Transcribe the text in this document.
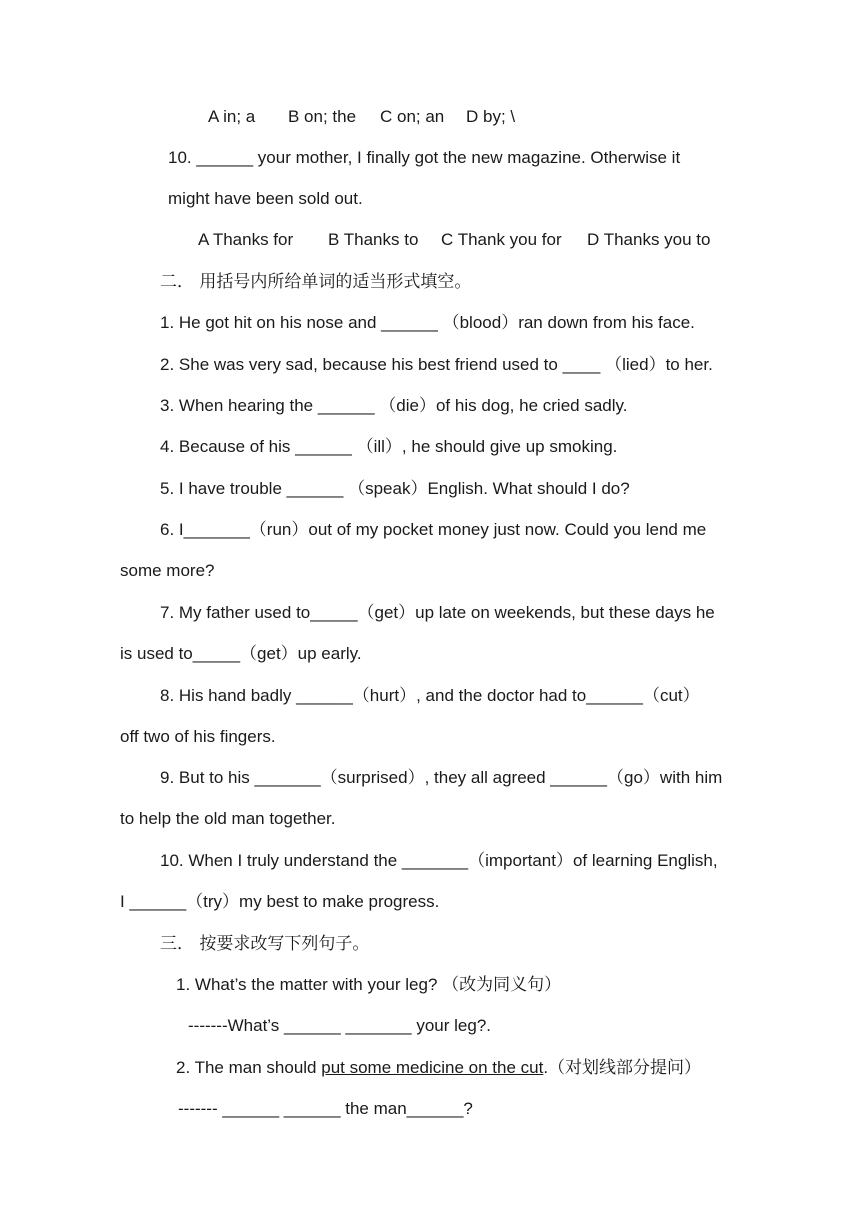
A in; a B on; the C on; an D by; \
10. ______ your mother, I finally got the new magazine. Otherwise it
might have been sold out.
A Thanks for B Thanks to C Thank you for D Thanks you to
二． 用括号内所给单词的适当形式填空。
1. He got hit on his nose and ______ （blood）ran down from his face.
2. She was very sad, because his best friend used to ____ （lied）to her.
3. When hearing the ______ （die）of his dog, he cried sadly.
4. Because of his ______ （ill）, he should give up smoking.
5. I have trouble ______ （speak）English. What should I do?
6. I_______（run）out of my pocket money just now. Could you lend me
some more?
7. My father used to_____（get）up late on weekends, but these days he
is used to_____（get）up early.
8. His hand badly ______（hurt）, and the doctor had to______（cut）
off two of his fingers.
9. But to his _______（surprised）, they all agreed ______（go）with him
to help the old man together.
10. When I truly understand the _______（important）of learning English,
I ______（try）my best to make progress.
三． 按要求改写下列句子。
1. What’s the matter with your leg? （改为同义句）
-------What’s ______ _______ your leg?.
2. The man should put some medicine on the cut.（对划线部分提问）
------- ______ ______ the man______?
